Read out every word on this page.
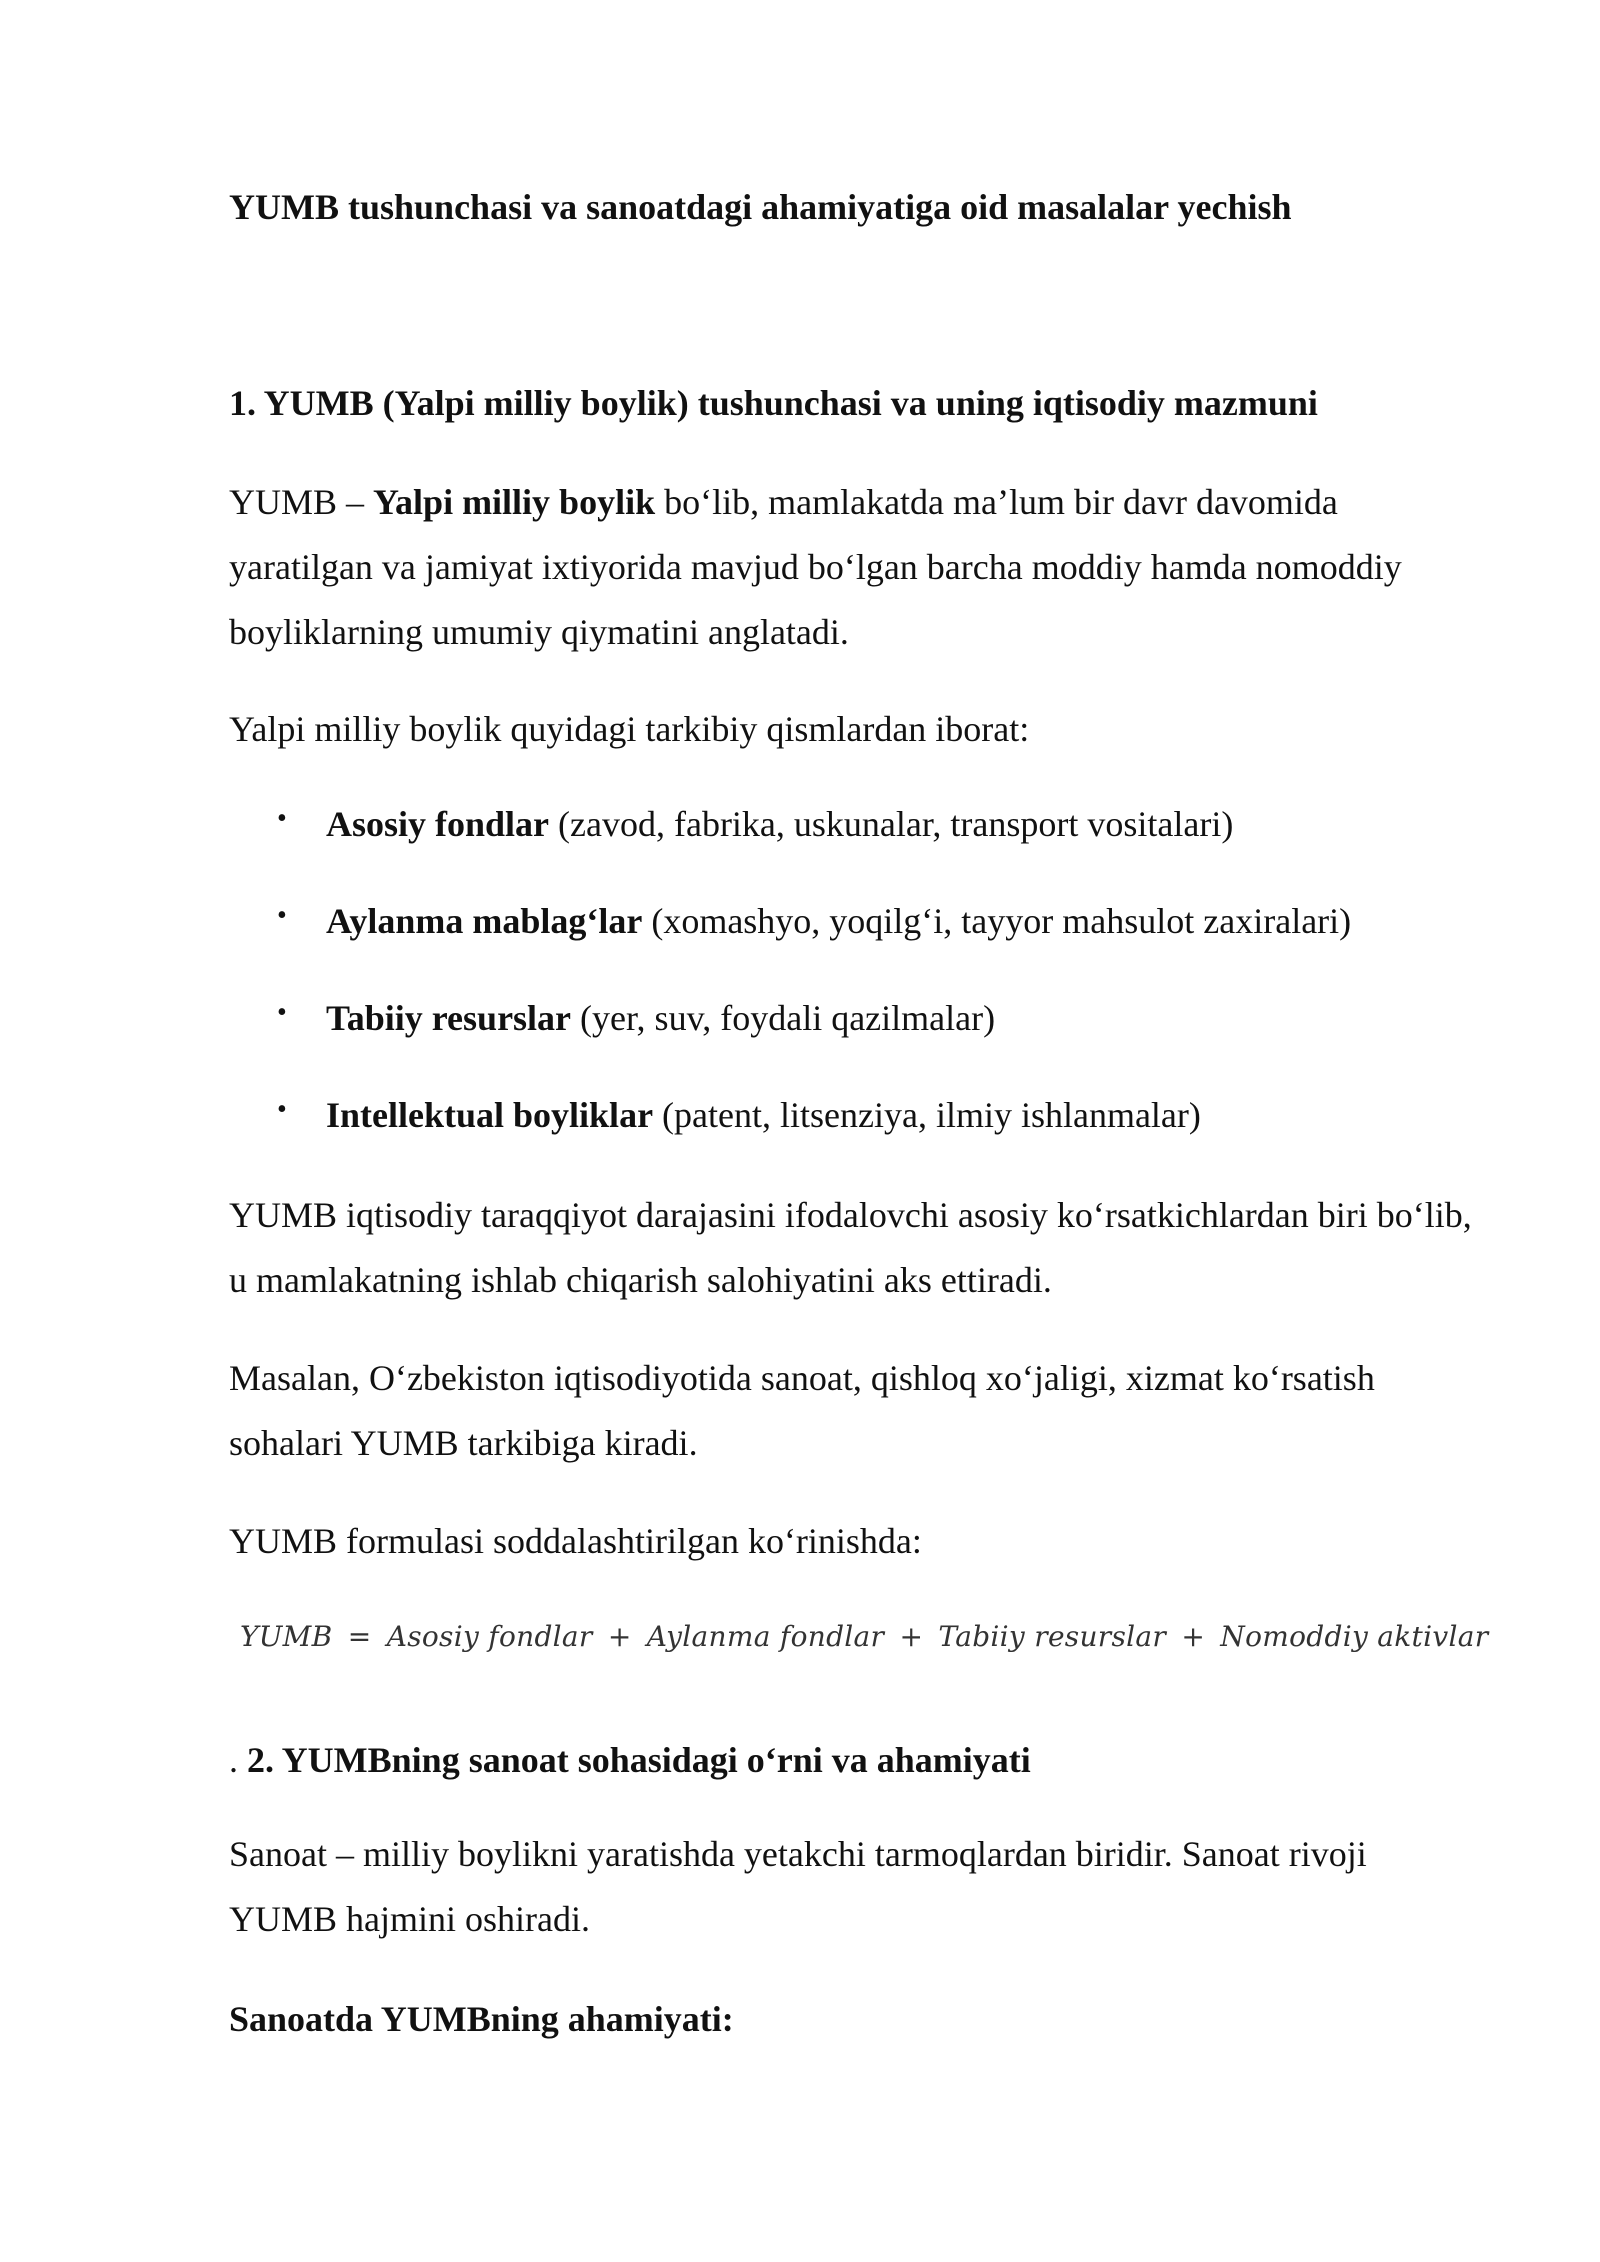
YUMB tushunchasi va sanoatdagi ahamiyatiga oid masalalar yechish
1. YUMB (Yalpi milliy boylik) tushunchasi va uning iqtisodiy mazmuni

YUMB – Yalpi milliy boylik bo‘lib, mamlakatda ma’lum bir davr davomida yaratilgan va jamiyat ixtiyorida mavjud bo‘lgan barcha moddiy hamda nomoddiy boyliklarning umumiy qiymatini anglatadi.

Yalpi milliy boylik quyidagi tarkibiy qismlardan iborat:

• Asosiy fondlar (zavod, fabrika, uskunalar, transport vositalari)
• Aylanma mablag‘lar (xomashyo, yoqilg‘i, tayyor mahsulot zaxiralari)
• Tabiiy resurslar (yer, suv, foydali qazilmalar)
• Intellektual boyliklar (patent, litsenziya, ilmiy ishlanmalar)

YUMB iqtisodiy taraqqiyot darajasini ifodalovchi asosiy ko‘rsatkichlardan biri bo‘lib, u mamlakatning ishlab chiqarish salohiyatini aks ettiradi.

Masalan, O‘zbekiston iqtisodiyotida sanoat, qishloq xo‘jaligi, xizmat ko‘rsatish sohalari YUMB tarkibiga kiradi.

YUMB formulasi soddalashtirilgan ko‘rinishda:

YUMB = Asosiy fondlar + Aylanma fondlar + Tabiiy resurslar + Nomoddiy aktivlar
. 2. YUMBning sanoat sohasidagi o‘rni va ahamiyati

Sanoat – milliy boylikni yaratishda yetakchi tarmoqlardan biridir. Sanoat rivoji YUMB hajmini oshiradi.

Sanoatda YUMBning ahamiyati:
